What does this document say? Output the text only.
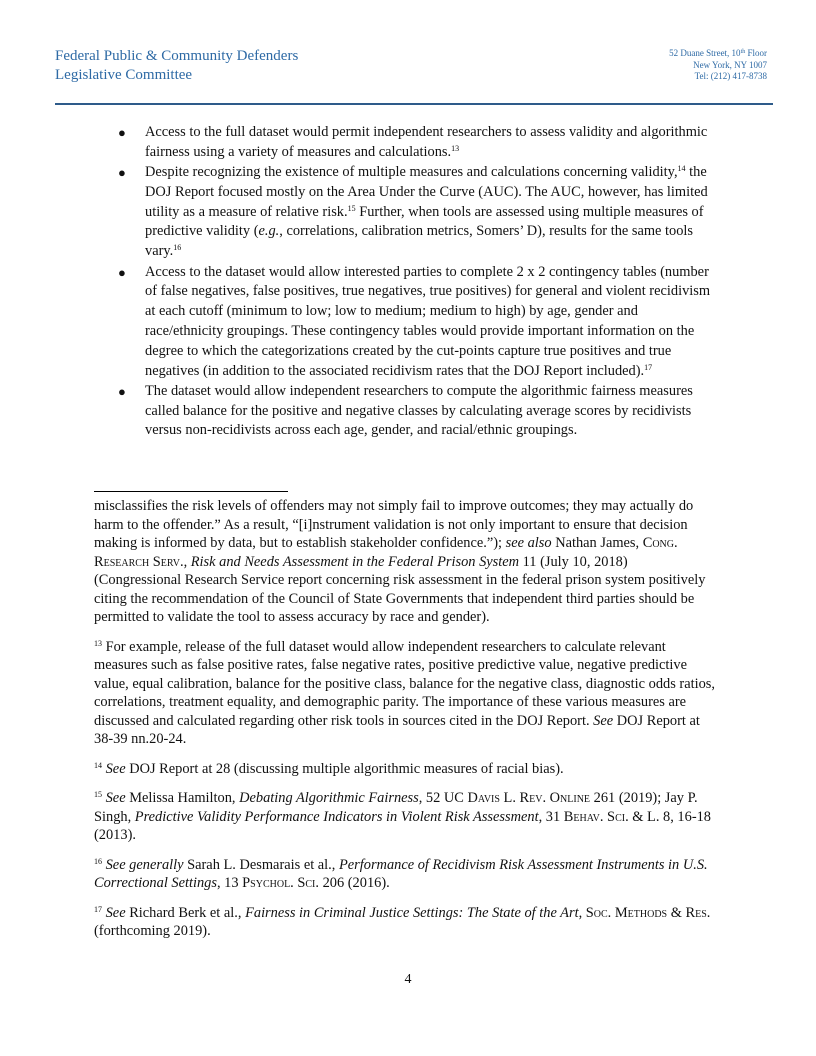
Federal Public & Community Defenders
Legislative Committee
52 Duane Street, 10th Floor
New York, NY 1007
Tel: (212) 417-8738
● Access to the full dataset would permit independent researchers to assess validity and algorithmic fairness using a variety of measures and calculations.$^{13}$
● Despite recognizing the existence of multiple measures and calculations concerning validity,$^{14}$ the DOJ Report focused mostly on the Area Under the Curve (AUC). The AUC, however, has limited utility as a measure of relative risk.$^{15}$ Further, when tools are assessed using multiple measures of predictive validity (e.g., correlations, calibration metrics, Somers’ D), results for the same tools vary.$^{16}$
● Access to the dataset would allow interested parties to complete 2 x 2 contingency tables (number of false negatives, false positives, true negatives, true positives) for general and violent recidivism at each cutoff (minimum to low; low to medium; medium to high) by age, gender and race/ethnicity groupings. These contingency tables would provide important information on the degree to which the categorizations created by the cut-points capture true positives and true negatives (in addition to the associated recidivism rates that the DOJ Report included).$^{17}$
● The dataset would allow independent researchers to compute the algorithmic fairness measures called balance for the positive and negative classes by calculating average scores by recidivists versus non-recidivists across each age, gender, and racial/ethnic groupings.

misclassifies the risk levels of offenders may not simply fail to improve outcomes; they may actually do harm to the offender.” As a result, “[i]nstrument validation is not only important to ensure that decision making is informed by data, but to establish stakeholder confidence.”); see also Nathan James, Cong. Research Serv., Risk and Needs Assessment in the Federal Prison System 11 (July 10, 2018) (Congressional Research Service report concerning risk assessment in the federal prison system positively citing the recommendation of the Council of State Governments that independent third parties should be permitted to validate the tool to assess accuracy by race and gender).

$^{13}$ For example, release of the full dataset would allow independent researchers to calculate relevant measures such as false positive rates, false negative rates, positive predictive value, negative predictive value, equal calibration, balance for the positive class, balance for the negative class, diagnostic odds ratios, correlations, treatment equality, and demographic parity. The importance of these various measures are discussed and calculated regarding other risk tools in sources cited in the DOJ Report. See DOJ Report at 38-39 nn.20-24.

$^{14}$ See DOJ Report at 28 (discussing multiple algorithmic measures of racial bias).

$^{15}$ See Melissa Hamilton, Debating Algorithmic Fairness, 52 UC Davis L. Rev. Online 261 (2019); Jay P. Singh, Predictive Validity Performance Indicators in Violent Risk Assessment, 31 Behav. Sci. & L. 8, 16-18 (2013).

$^{16}$ See generally Sarah L. Desmarais et al., Performance of Recidivism Risk Assessment Instruments in U.S. Correctional Settings, 13 Psychol. Sci. 206 (2016).

$^{17}$ See Richard Berk et al., Fairness in Criminal Justice Settings: The State of the Art, Soc. Methods & Res. (forthcoming 2019).

4
